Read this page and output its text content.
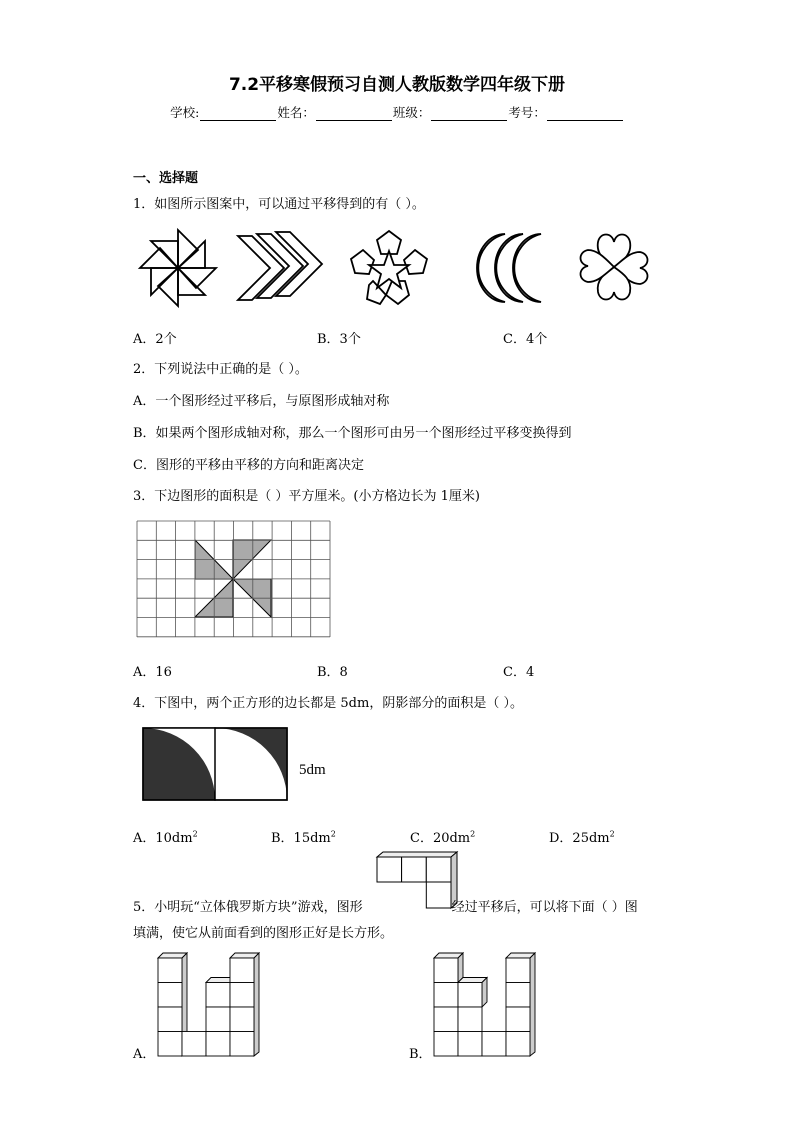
7.2平移寒假预习自测人教版数学四年级下册
学校:	姓名：	班级：	考号：
一、选择题
1．如图所示图案中，可以通过平移得到的有（ ）。
A．2个	B．3个	C．4个
2．下列说法中正确的是（ ）。
A．一个图形经过平移后，与原图形成轴对称
B．如果两个图形成轴对称，那么一个图形可由另一个图形经过平移变换得到
C．图形的平移由平移的方向和距离决定
3．下边图形的面积是（ ）平方厘米。(小方格边长为 1厘米)
A．16	B．8	C．4
4．下图中，两个正方形的边长都是 5dm，阴影部分的面积是（ ）。
5dm
A．$10dm^2$	B．$15dm^2$	C．$20dm^2$	D．$25dm^2$
5．小明玩“立体俄罗斯方块”游戏，图形	经过平移后，可以将下面（ ）图
填满，使它从前面看到的图形正好是长方形。
A．	B．
